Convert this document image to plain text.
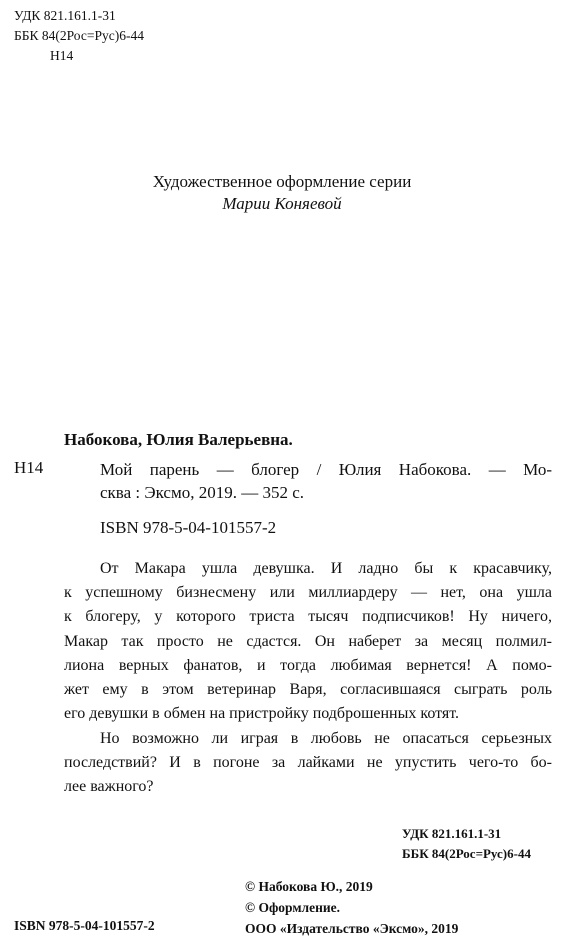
УДК 821.161.1-31
ББК 84(2Рос=Рус)6-44
Н14
Художественное оформление серии
Марии Коняевой
Набокова, Юлия Валерьевна.
Н14	Мой парень — блогер / Юлия Набокова. — Мо-
сква : Эксмо, 2019. — 352 с.
ISBN 978-5-04-101557-2
От Макара ушла девушка. И ладно бы к красавчику,
к успешному бизнесмену или миллиардеру — нет, она ушла
к блогеру, у которого триста тысяч подписчиков! Ну ничего,
Макар так просто не сдастся. Он наберет за месяц полмил-
лиона верных фанатов, и тогда любимая вернется! А помо-
жет ему в этом ветеринар Варя, согласившаяся сыграть роль
его девушки в обмен на пристройку подброшенных котят.
Но возможно ли играя в любовь не опасаться серьезных
последствий? И в погоне за лайками не упустить чего-то бо-
лее важного?
УДК 821.161.1-31
ББК 84(2Рос=Рус)6-44
© Набокова Ю., 2019
© Оформление.
ООО «Издательство «Эксмо», 2019
ISBN 978-5-04-101557-2
